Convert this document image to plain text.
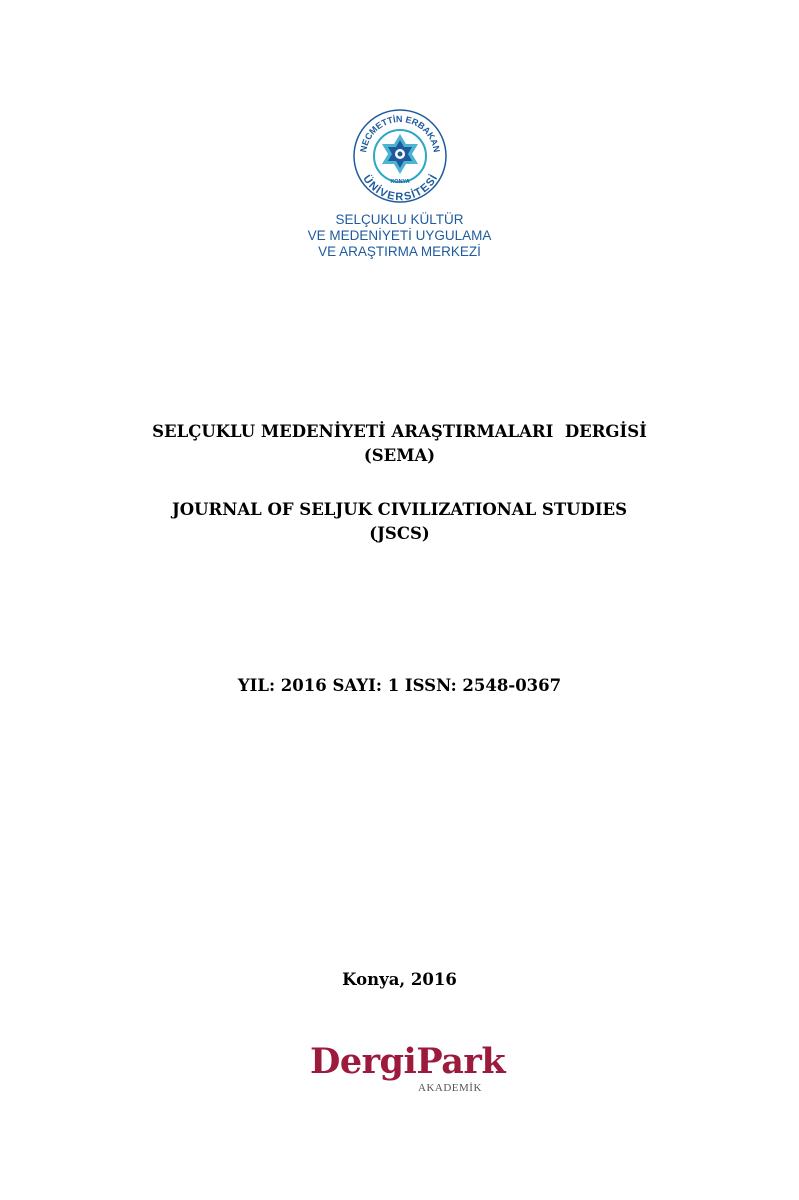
NECMETTİN ERBAKAN
ÜNİVERSİTESİ
KONYA
SELÇUKLU KÜLTÜR
VE MEDENİYETİ UYGULAMA
VE ARAŞTIRMA MERKEZİ
SELÇUKLU MEDENİYETİ ARAŞTIRMALARI  DERGİSİ
(SEMA)
JOURNAL OF SELJUK CIVILIZATIONAL STUDIES
(JSCS)
YIL: 2016 SAYI: 1 ISSN: 2548-0367
Konya, 2016
DergiPark
AKADEMİK
